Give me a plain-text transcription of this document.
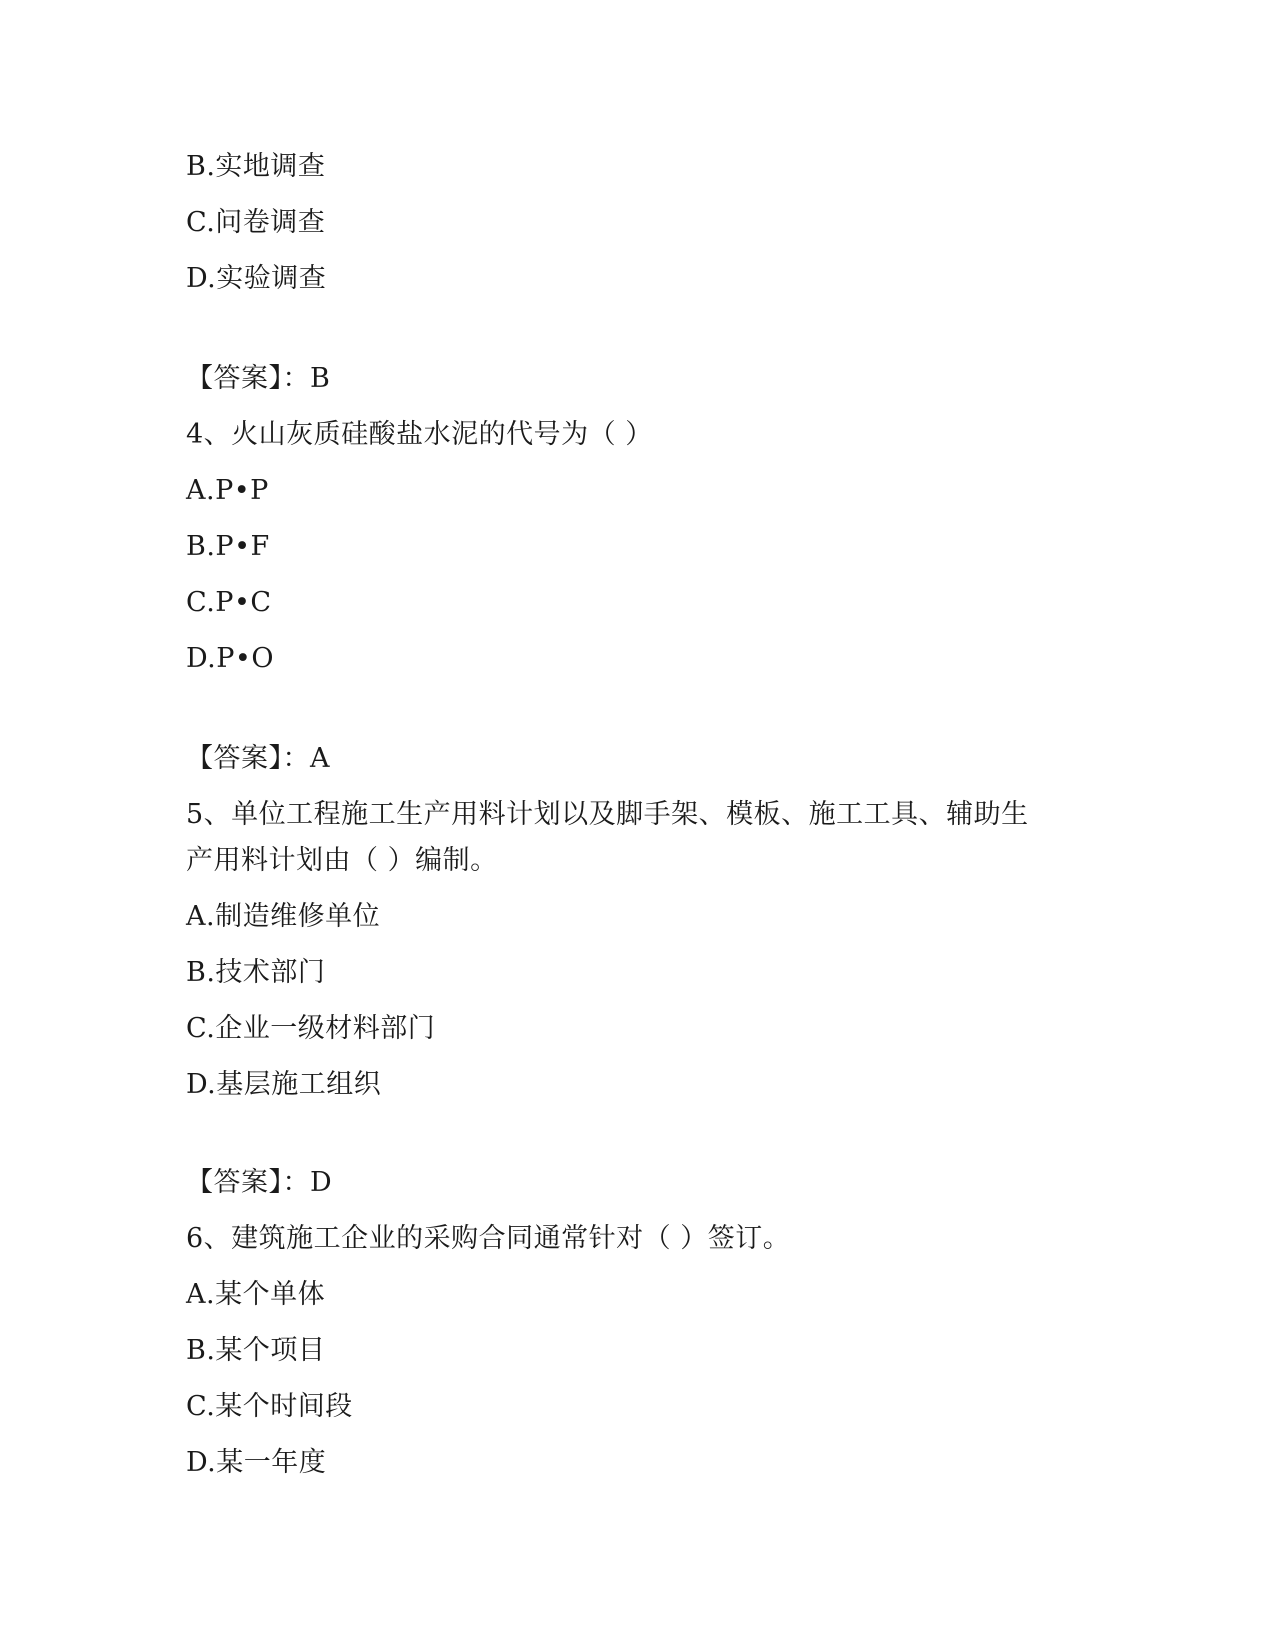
B.实地调查
C.问卷调查
D.实验调查
【答案】：B
4、火山灰质硅酸盐水泥的代号为（ ）
A.P•P
B.P•F
C.P•C
D.P•O
【答案】：A
5、单位工程施工生产用料计划以及脚手架、模板、施工工具、辅助生
产用料计划由（ ）编制。
A.制造维修单位
B.技术部门
C.企业一级材料部门
D.基层施工组织
【答案】：D
6、建筑施工企业的采购合同通常针对（ ）签订。
A.某个单体
B.某个项目
C.某个时间段
D.某一年度
